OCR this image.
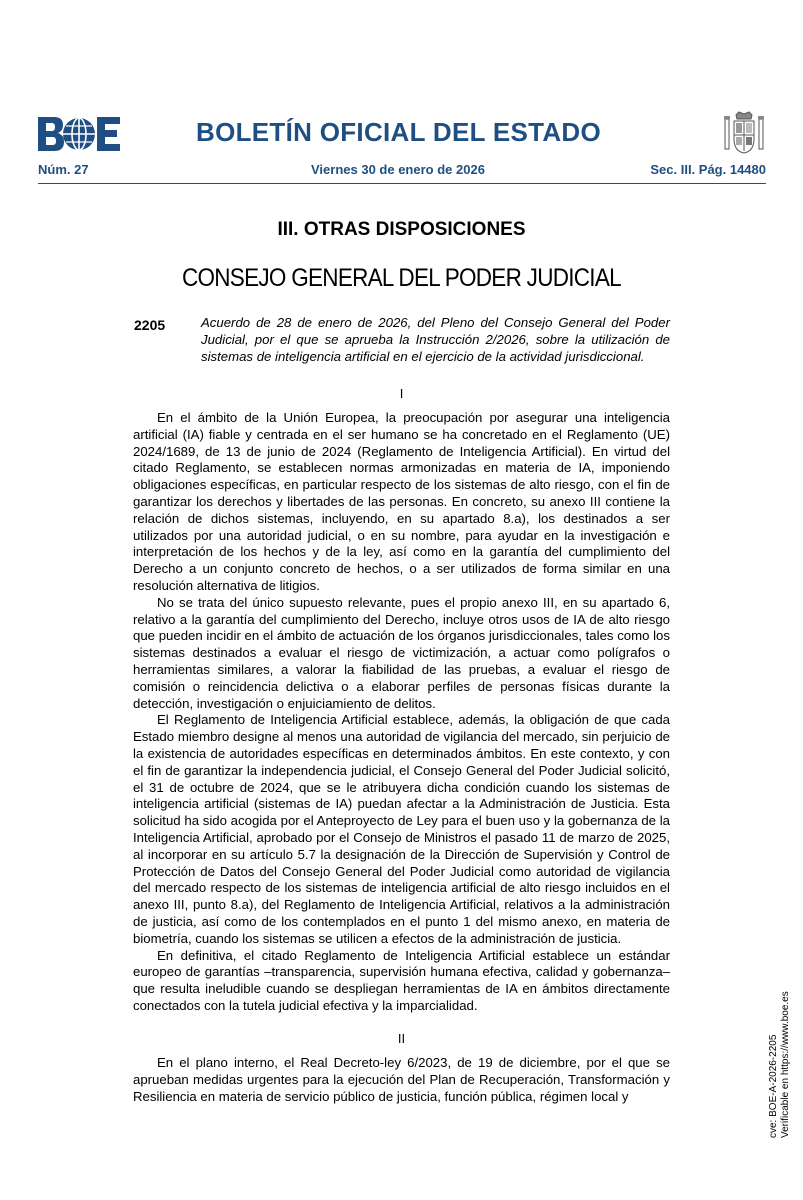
BOLETÍN OFICIAL DEL ESTADO
Núm. 27	Viernes 30 de enero de 2026	Sec. III. Pág. 14480
III. OTRAS DISPOSICIONES
CONSEJO GENERAL DEL PODER JUDICIAL
2205	Acuerdo de 28 de enero de 2026, del Pleno del Consejo General del Poder Judicial, por el que se aprueba la Instrucción 2/2026, sobre la utilización de sistemas de inteligencia artificial en el ejercicio de la actividad jurisdiccional.
I

En el ámbito de la Unión Europea, la preocupación por asegurar una inteligencia artificial (IA) fiable y centrada en el ser humano se ha concretado en el Reglamento (UE) 2024/1689, de 13 de junio de 2024 (Reglamento de Inteligencia Artificial). En virtud del citado Reglamento, se establecen normas armonizadas en materia de IA, imponiendo obligaciones específicas, en particular respecto de los sistemas de alto riesgo, con el fin de garantizar los derechos y libertades de las personas. En concreto, su anexo III contiene la relación de dichos sistemas, incluyendo, en su apartado 8.a), los destinados a ser utilizados por una autoridad judicial, o en su nombre, para ayudar en la investigación e interpretación de los hechos y de la ley, así como en la garantía del cumplimiento del Derecho a un conjunto concreto de hechos, o a ser utilizados de forma similar en una resolución alternativa de litigios.

No se trata del único supuesto relevante, pues el propio anexo III, en su apartado 6, relativo a la garantía del cumplimiento del Derecho, incluye otros usos de IA de alto riesgo que pueden incidir en el ámbito de actuación de los órganos jurisdiccionales, tales como los sistemas destinados a evaluar el riesgo de victimización, a actuar como polígrafos o herramientas similares, a valorar la fiabilidad de las pruebas, a evaluar el riesgo de comisión o reincidencia delictiva o a elaborar perfiles de personas físicas durante la detección, investigación o enjuiciamiento de delitos.

El Reglamento de Inteligencia Artificial establece, además, la obligación de que cada Estado miembro designe al menos una autoridad de vigilancia del mercado, sin perjuicio de la existencia de autoridades específicas en determinados ámbitos. En este contexto, y con el fin de garantizar la independencia judicial, el Consejo General del Poder Judicial solicitó, el 31 de octubre de 2024, que se le atribuyera dicha condición cuando los sistemas de inteligencia artificial (sistemas de IA) puedan afectar a la Administración de Justicia. Esta solicitud ha sido acogida por el Anteproyecto de Ley para el buen uso y la gobernanza de la Inteligencia Artificial, aprobado por el Consejo de Ministros el pasado 11 de marzo de 2025, al incorporar en su artículo 5.7 la designación de la Dirección de Supervisión y Control de Protección de Datos del Consejo General del Poder Judicial como autoridad de vigilancia del mercado respecto de los sistemas de inteligencia artificial de alto riesgo incluidos en el anexo III, punto 8.a), del Reglamento de Inteligencia Artificial, relativos a la administración de justicia, así como de los contemplados en el punto 1 del mismo anexo, en materia de biometría, cuando los sistemas se utilicen a efectos de la administración de justicia.

En definitiva, el citado Reglamento de Inteligencia Artificial establece un estándar europeo de garantías –transparencia, supervisión humana efectiva, calidad y gobernanza– que resulta ineludible cuando se despliegan herramientas de IA en ámbitos directamente conectados con la tutela judicial efectiva y la imparcialidad.

II

En el plano interno, el Real Decreto-ley 6/2023, de 19 de diciembre, por el que se aprueban medidas urgentes para la ejecución del Plan de Recuperación, Transformación y Resiliencia en materia de servicio público de justicia, función pública, régimen local y	cve: BOE-A-2026-2205 Verificable en https://www.boe.es
